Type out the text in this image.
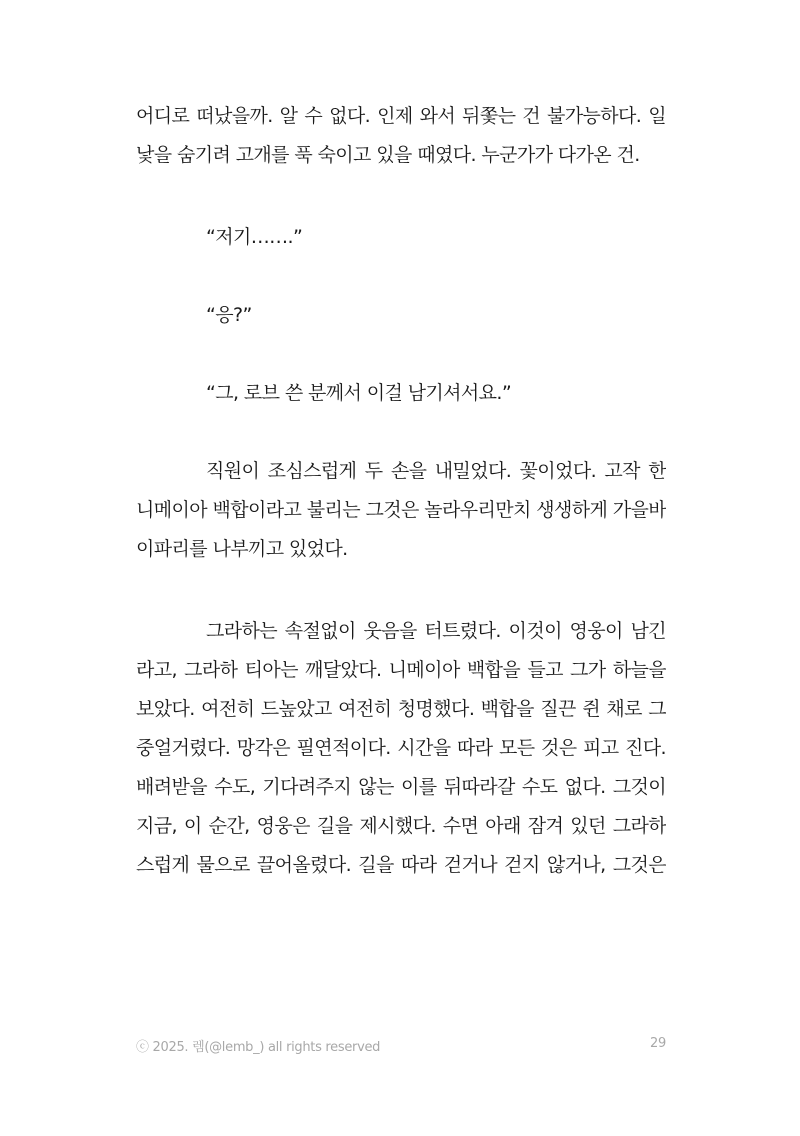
어디로 떠났을까. 알 수 없다. 인제 와서 뒤쫓는 건 불가능하다. 일
낯을 숨기려 고개를 푹 숙이고 있을 때였다. 누군가가 다가온 건.
“저기…….”
“응?”
“그, 로브 쓴 분께서 이걸 남기셔서요.”
직원이 조심스럽게 두 손을 내밀었다. 꽃이었다. 고작 한
니메이아 백합이라고 불리는 그것은 놀라우리만치 생생하게 가을바
이파리를 나부끼고 있었다.
그라하는 속절없이 웃음을 터트렸다. 이것이 영웅이 남긴
라고, 그라하 티아는 깨달았다. 니메이아 백합을 들고 그가 하늘을
보았다. 여전히 드높았고 여전히 청명했다. 백합을 질끈 쥔 채로 그
중얼거렸다. 망각은 필연적이다. 시간을 따라 모든 것은 피고 진다.
배려받을 수도, 기다려주지 않는 이를 뒤따라갈 수도 없다. 그것이
지금, 이 순간, 영웅은 길을 제시했다. 수면 아래 잠겨 있던 그라하
스럽게 물으로 끌어올렸다. 길을 따라 걷거나 걷지 않거나, 그것은
ⓒ 2025. 렘(@lemb_) all rights reserved	29
